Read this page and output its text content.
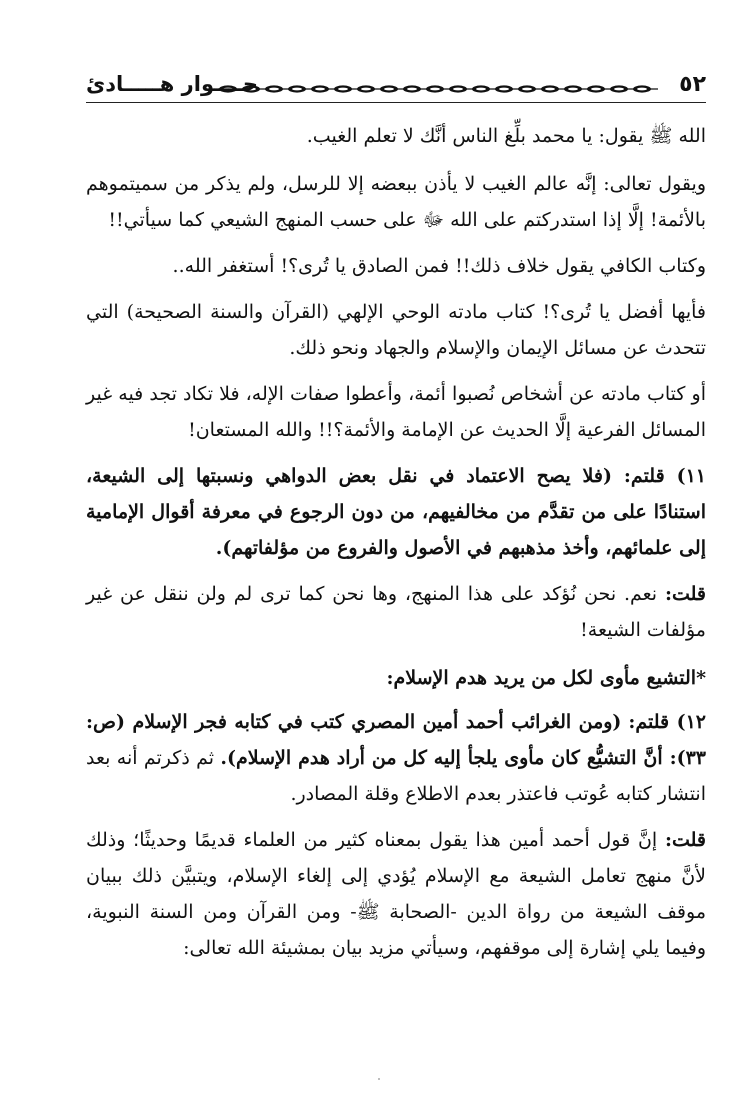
٥٢
حــــوار هـــــادئ

الله ﷺ يقول: يا محمد بلِّغ الناس أنَّك لا تعلم الغيب.

ويقول تعالى: إنَّه عالم الغيب لا يأذن ببعضه إلا للرسل، ولم يذكر من سميتموهم بالأئمة! إلَّا إذا استدركتم على الله ﷻ على حسب المنهج الشيعي كما سيأتي!!

وكتاب الكافي يقول خلاف ذلك!! فمن الصادق يا تُرى؟! أستغفر الله..

فأيها أفضل يا تُرى؟! كتاب مادته الوحي الإلهي (القرآن والسنة الصحيحة) التي تتحدث عن مسائل الإيمان والإسلام والجهاد ونحو ذلك.

أو كتاب مادته عن أشخاص نُصبوا أئمة، وأعطوا صفات الإله، فلا تكاد تجد فيه غير المسائل الفرعية إلَّا الحديث عن الإمامة والأئمة؟!! والله المستعان!

١١) قلتم: (فلا يصح الاعتماد في نقل بعض الدواهي ونسبتها إلى الشيعة، استنادًا على من تقدَّم من مخالفيهم، من دون الرجوع في معرفة أقوال الإمامية إلى علمائهم، وأخذ مذهبهم في الأصول والفروع من مؤلفاتهم).

قلت: نعم. نحن نُؤكد على هذا المنهج، وها نحن كما ترى لم ولن ننقل عن غير مؤلفات الشيعة!

*التشيع مأوى لكل من يريد هدم الإسلام:

١٢) قلتم: (ومن الغرائب أحمد أمين المصري كتب في كتابه فجر الإسلام (ص: ٣٣): أنَّ التشيُّع كان مأوى يلجأ إليه كل من أراد هدم الإسلام). ثم ذكرتم أنه بعد انتشار كتابه عُوتب فاعتذر بعدم الاطلاع وقلة المصادر.

قلت: إنَّ قول أحمد أمين هذا يقول بمعناه كثير من العلماء قديمًا وحديثًا؛ وذلك لأنَّ منهج تعامل الشيعة مع الإسلام يُؤدي إلى إلغاء الإسلام، ويتبيَّن ذلك ببيان موقف الشيعة من رواة الدين -الصحابة ﷺ- ومن القرآن ومن السنة النبوية، وفيما يلي إشارة إلى موقفهم، وسيأتي مزيد بيان بمشيئة الله تعالى:
